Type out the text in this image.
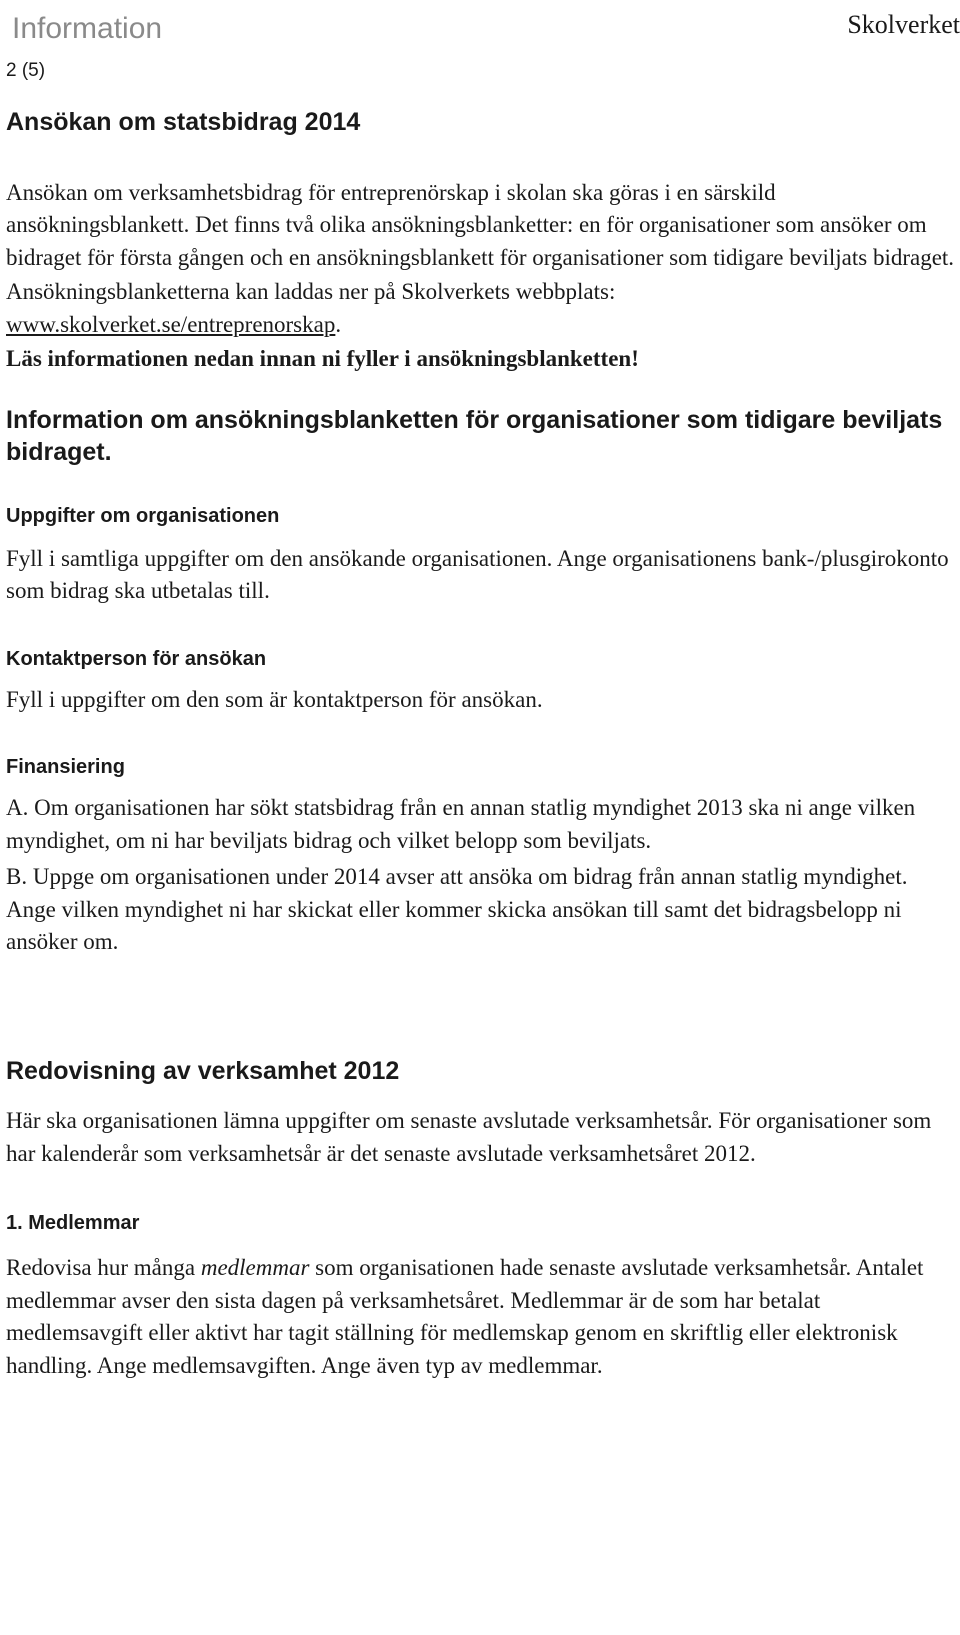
Information	Skolverket
2 (5)
Ansökan om statsbidrag 2014

Ansökan om verksamhetsbidrag för entreprenörskap i skolan ska göras i en särskild ansökningsblankett. Det finns två olika ansökningsblanketter: en för organisationer som ansöker om bidraget för första gången och en ansökningsblankett för organisationer som tidigare beviljats bidraget.

Ansökningsblanketterna kan laddas ner på Skolverkets webbplats:
www.skolverket.se/entreprenorskap.

Läs informationen nedan innan ni fyller i ansökningsblanketten!

Information om ansökningsblanketten för organisationer som tidigare beviljats bidraget.
Uppgifter om organisationen

Fyll i samtliga uppgifter om den ansökande organisationen. Ange organisationens bank-/plusgirokonto som bidrag ska utbetalas till.

Kontaktperson för ansökan

Fyll i uppgifter om den som är kontaktperson för ansökan.

Finansiering

A. Om organisationen har sökt statsbidrag från en annan statlig myndighet 2013 ska ni ange vilken myndighet, om ni har beviljats bidrag och vilket belopp som beviljats.

B. Uppge om organisationen under 2014 avser att ansöka om bidrag från annan statlig myndighet. Ange vilken myndighet ni har skickat eller kommer skicka ansökan till samt det bidragsbelopp ni ansöker om.

Redovisning av verksamhet 2012

Här ska organisationen lämna uppgifter om senaste avslutade verksamhetsår. För organisationer som har kalenderår som verksamhetsår är det senaste avslutade verksamhetsåret 2012.

1. Medlemmar

Redovisa hur många medlemmar som organisationen hade senaste avslutade verksamhetsår. Antalet medlemmar avser den sista dagen på verksamhetsåret. Medlemmar är de som har betalat medlemsavgift eller aktivt har tagit ställning för medlemskap genom en skriftlig eller elektronisk handling. Ange medlemsavgiften. Ange även typ av medlemmar.
